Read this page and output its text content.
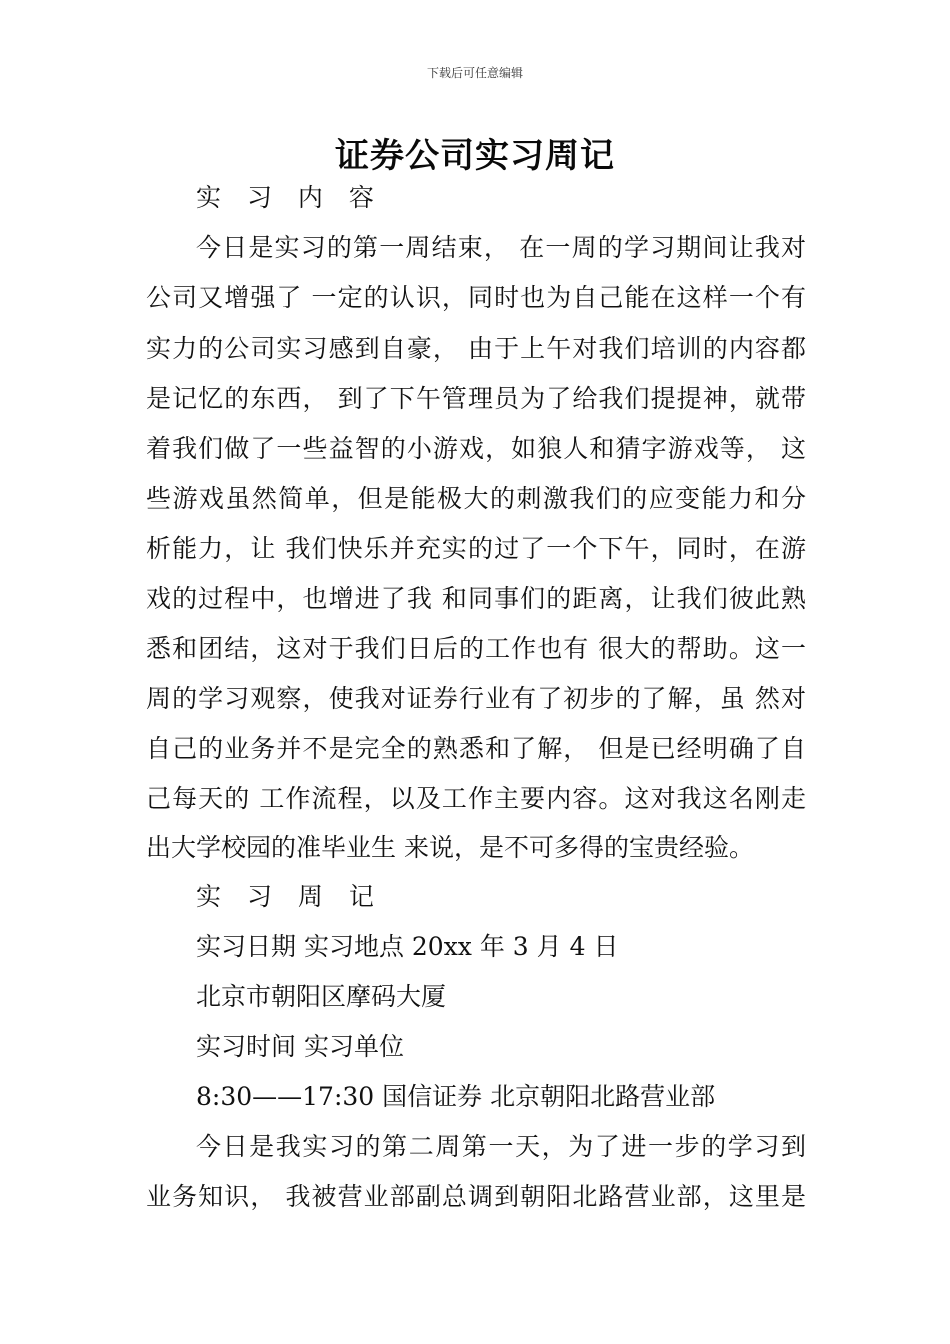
下载后可任意编辑
证券公司实习周记
实 习 内 容
今日是实习的第一周结束， 在一周的学习期间让我对
公司又增强了 一定的认识，同时也为自己能在这样一个有
实力的公司实习感到自豪， 由于上午对我们培训的内容都
是记忆的东西， 到了下午管理员为了给我们提提神，就带
着我们做了一些益智的小游戏，如狼人和猜字游戏等， 这
些游戏虽然简单，但是能极大的刺激我们的应变能力和分
析能力，让 我们快乐并充实的过了一个下午，同时，在游
戏的过程中，也增进了我 和同事们的距离，让我们彼此熟
悉和团结，这对于我们日后的工作也有 很大的帮助。这一
周的学习观察，使我对证券行业有了初步的了解，虽 然对
自己的业务并不是完全的熟悉和了解， 但是已经明确了自
己每天的 工作流程，以及工作主要内容。这对我这名刚走
出大学校园的准毕业生 来说，是不可多得的宝贵经验。
实 习 周 记
实习日期 实习地点 20xx 年 3 月 4 日
北京市朝阳区摩码大厦
实习时间 实习单位
8:30——17:30 国信证券 北京朝阳北路营业部
今日是我实习的第二周第一天，为了进一步的学习到
业务知识， 我被营业部副总调到朝阳北路营业部，这里是
